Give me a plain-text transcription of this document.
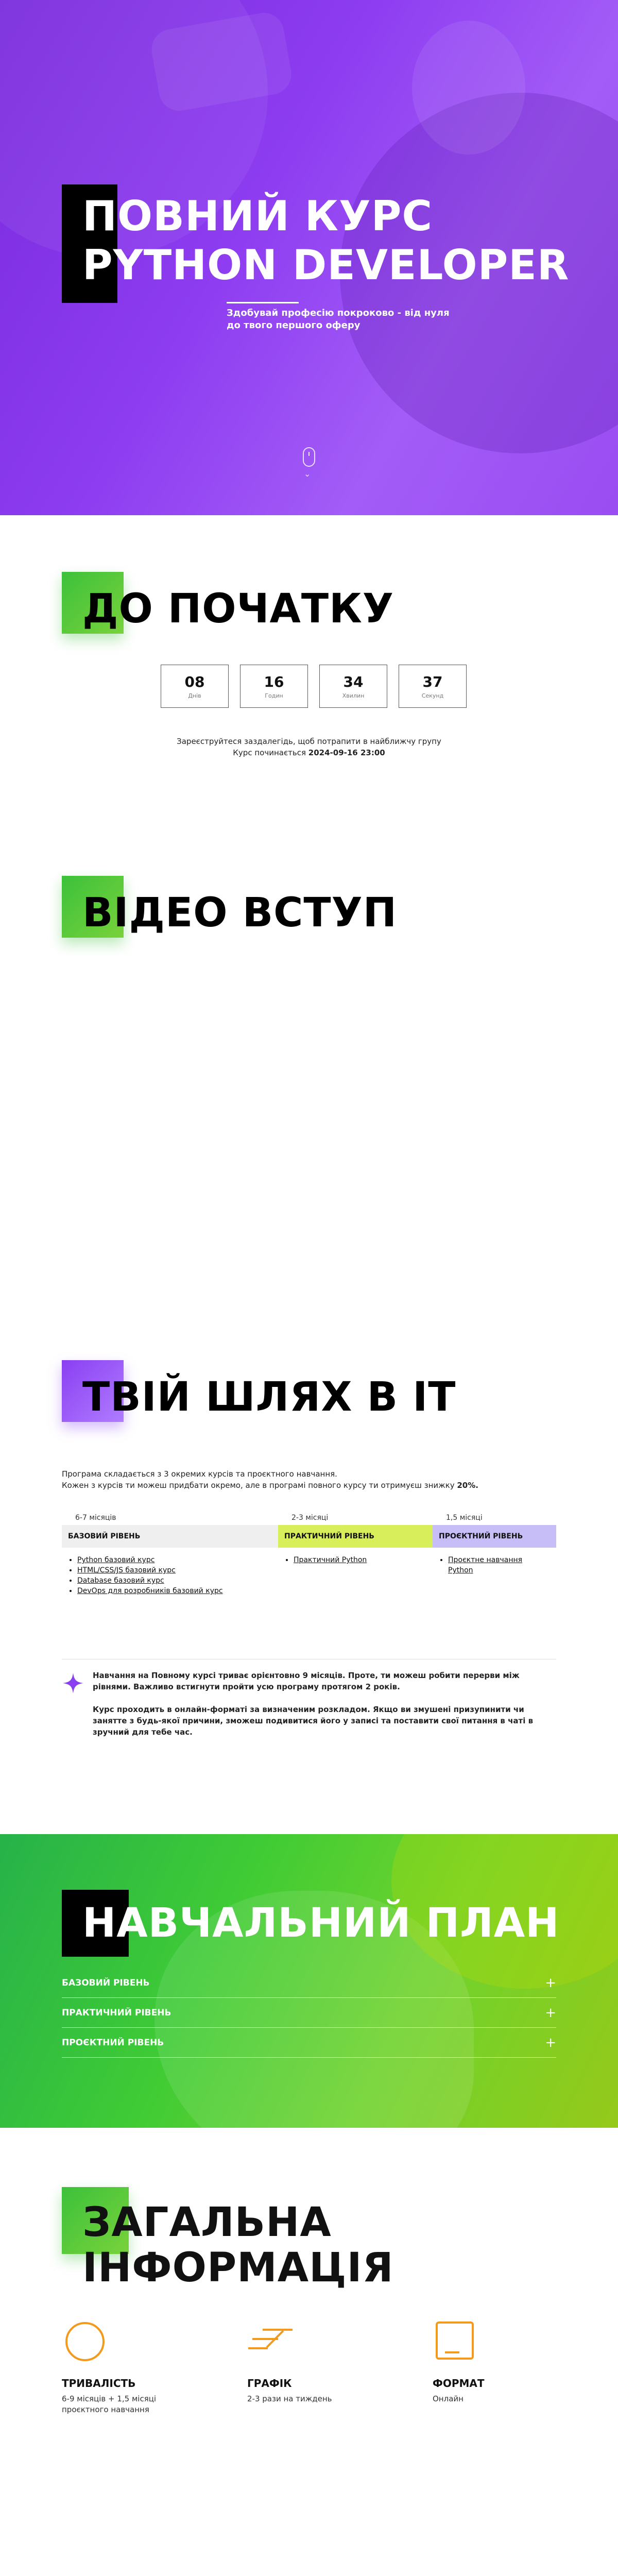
ПОВНИЙ КУРС
PYTHON DEVELOPER

Здобувай професію покроково - від нуля до твого першого оферу

⌄
ДО ПОЧАТКУ
08
Днів
16
Годин
34
Хвилин
37
Секунд
Зареєструйтеся заздалегідь, щоб потрапити в найближчу групу
Курс починається 2024-09-16 23:00
ВІДЕО ВСТУП
ТВІЙ ШЛЯХ В IT
Програма складається з 3 окремих курсів та проєктного навчання.
Кожен з курсів ти можеш придбати окремо, але в програмі повного курсу ти отримуєш знижку 20%.
6-7 місяців	2-3 місяці	1,5 місяці
БАЗОВИЙ РІВЕНЬ	ПРАКТИЧНИЙ РІВЕНЬ	ПРОЄКТНИЙ РІВЕНЬ
• Python базовий курс
• HTML/CSS/JS базовий курс
• Database базовий курс
• DevOps для розробників базовий курс
• Практичний Python
•	Проєктне навчання Python

Навчання на Повному курсі триває орієнтовно 9 місяців. Проте, ти можеш робити перерви між рівнями. Важливо встигнути пройти усю програму протягом 2 років.

Курс проходить в онлайн-форматі за визначеним розкладом. Якщо ви змушені призупинити чи занятте з будь-якої причини, зможеш подивитися його у записі та поставити свої питання в чаті в зручний для тебе час.

НАВЧАЛЬНИЙ ПЛАН
БАЗОВИЙ РІВЕНЬ	+
ПРАКТИЧНИЙ РІВЕНЬ	+
ПРОЄКТНИЙ РІВЕНЬ	+
ЗАГАЛЬНА
ІНФОРМАЦІЯ
ТРИВАЛІСТЬ
6-9 місяців + 1,5 місяці проєктного навчання
ГРАФІК
2-3 рази на тиждень
ФОРМАТ
Онлайн
